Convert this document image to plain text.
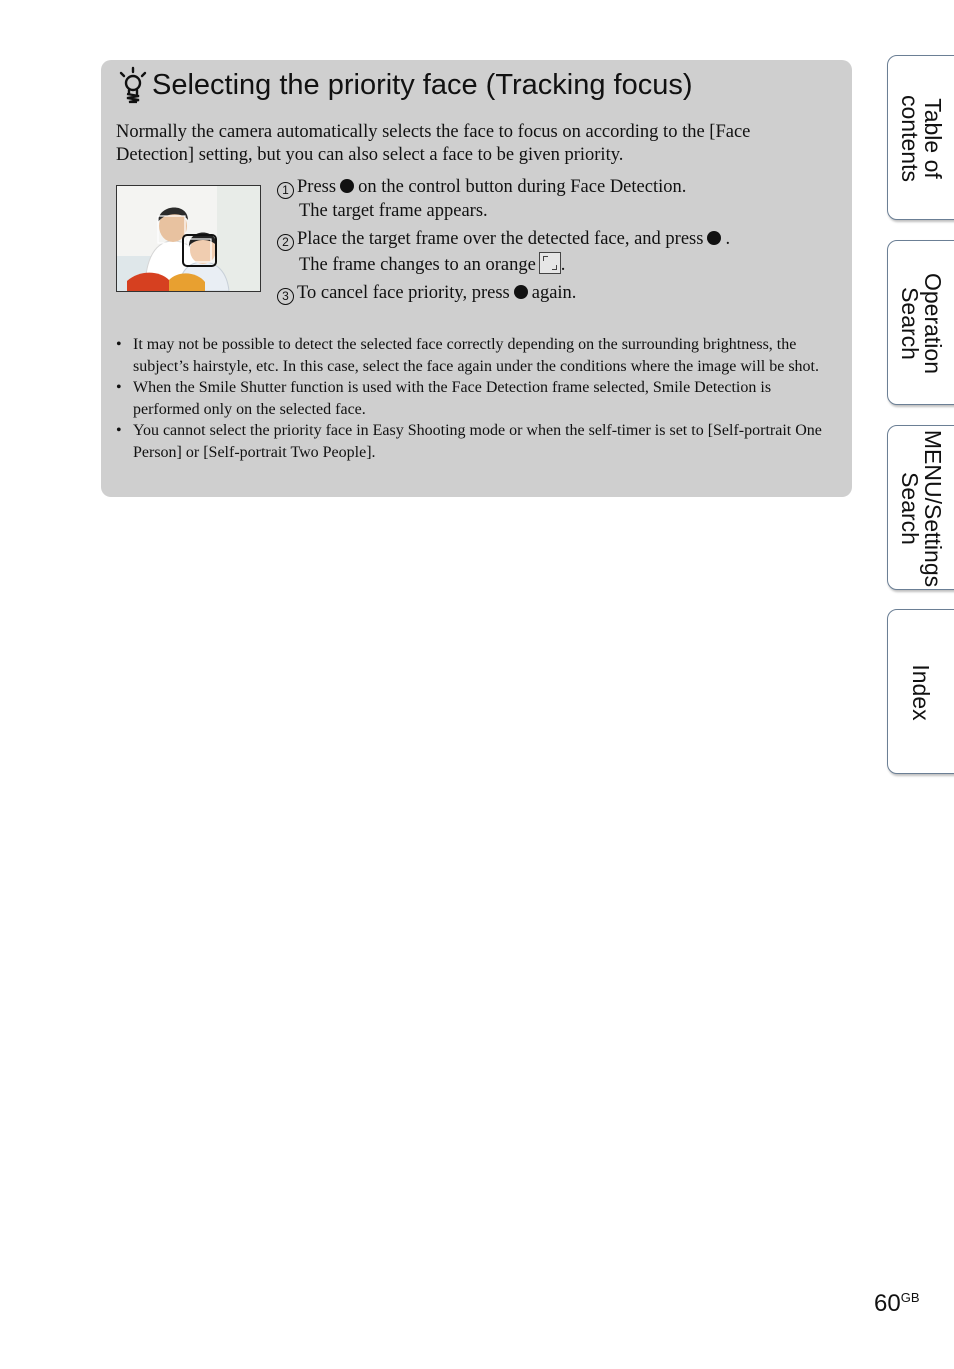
Selecting the priority face (Tracking focus)

Normally the camera automatically selects the face to focus on according to the [Face Detection] setting, but you can also select a face to be given priority.

1 Press on the control button during Face Detection.
The target frame appears.
2 Place the target frame over the detected face, and press .
The frame changes to an orange .
3 To cancel face priority, press again.
• It may not be possible to detect the selected face correctly depending on the surrounding brightness, the subject’s hairstyle, etc. In this case, select the face again under the conditions where the image will be shot.
• When the Smile Shutter function is used with the Face Detection frame selected, Smile Detection is performed only on the selected face.
• You cannot select the priority face in Easy Shooting mode or when the self-timer is set to [Self-portrait One Person] or [Self-portrait Two People].
Table of
contents
Operation
Search
MENU/Settings
Search
Index
$60^{GB}$
